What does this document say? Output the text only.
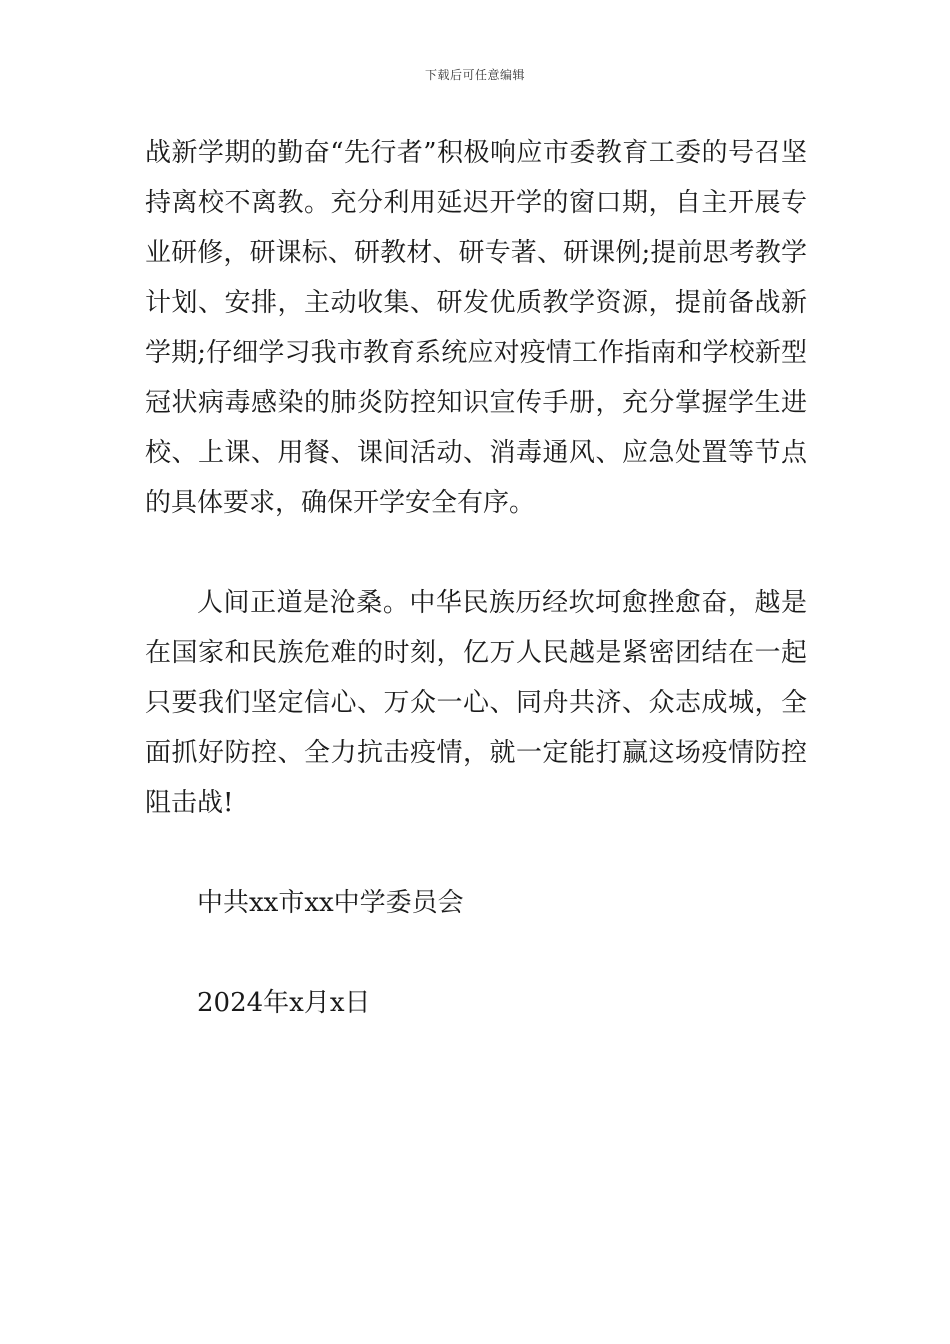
下载后可任意编辑

战新学期的勤奋“先行者”积极响应市委教育工委的号召坚持离校不离教。充分利用延迟开学的窗口期，自主开展专业研修，研课标、研教材、研专著、研课例;提前思考教学计划、安排，主动收集、研发优质教学资源，提前备战新学期;仔细学习我市教育系统应对疫情工作指南和学校新型冠状病毒感染的肺炎防控知识宣传手册，充分掌握学生进校、上课、用餐、课间活动、消毒通风、应急处置等节点的具体要求，确保开学安全有序。

人间正道是沧桑。中华民族历经坎坷愈挫愈奋，越是在国家和民族危难的时刻，亿万人民越是紧密团结在一起只要我们坚定信心、万众一心、同舟共济、众志成城，全面抓好防控、全力抗击疫情，就一定能打赢这场疫情防控阻击战!

中共xx市xx中学委员会
2024年x月x日
